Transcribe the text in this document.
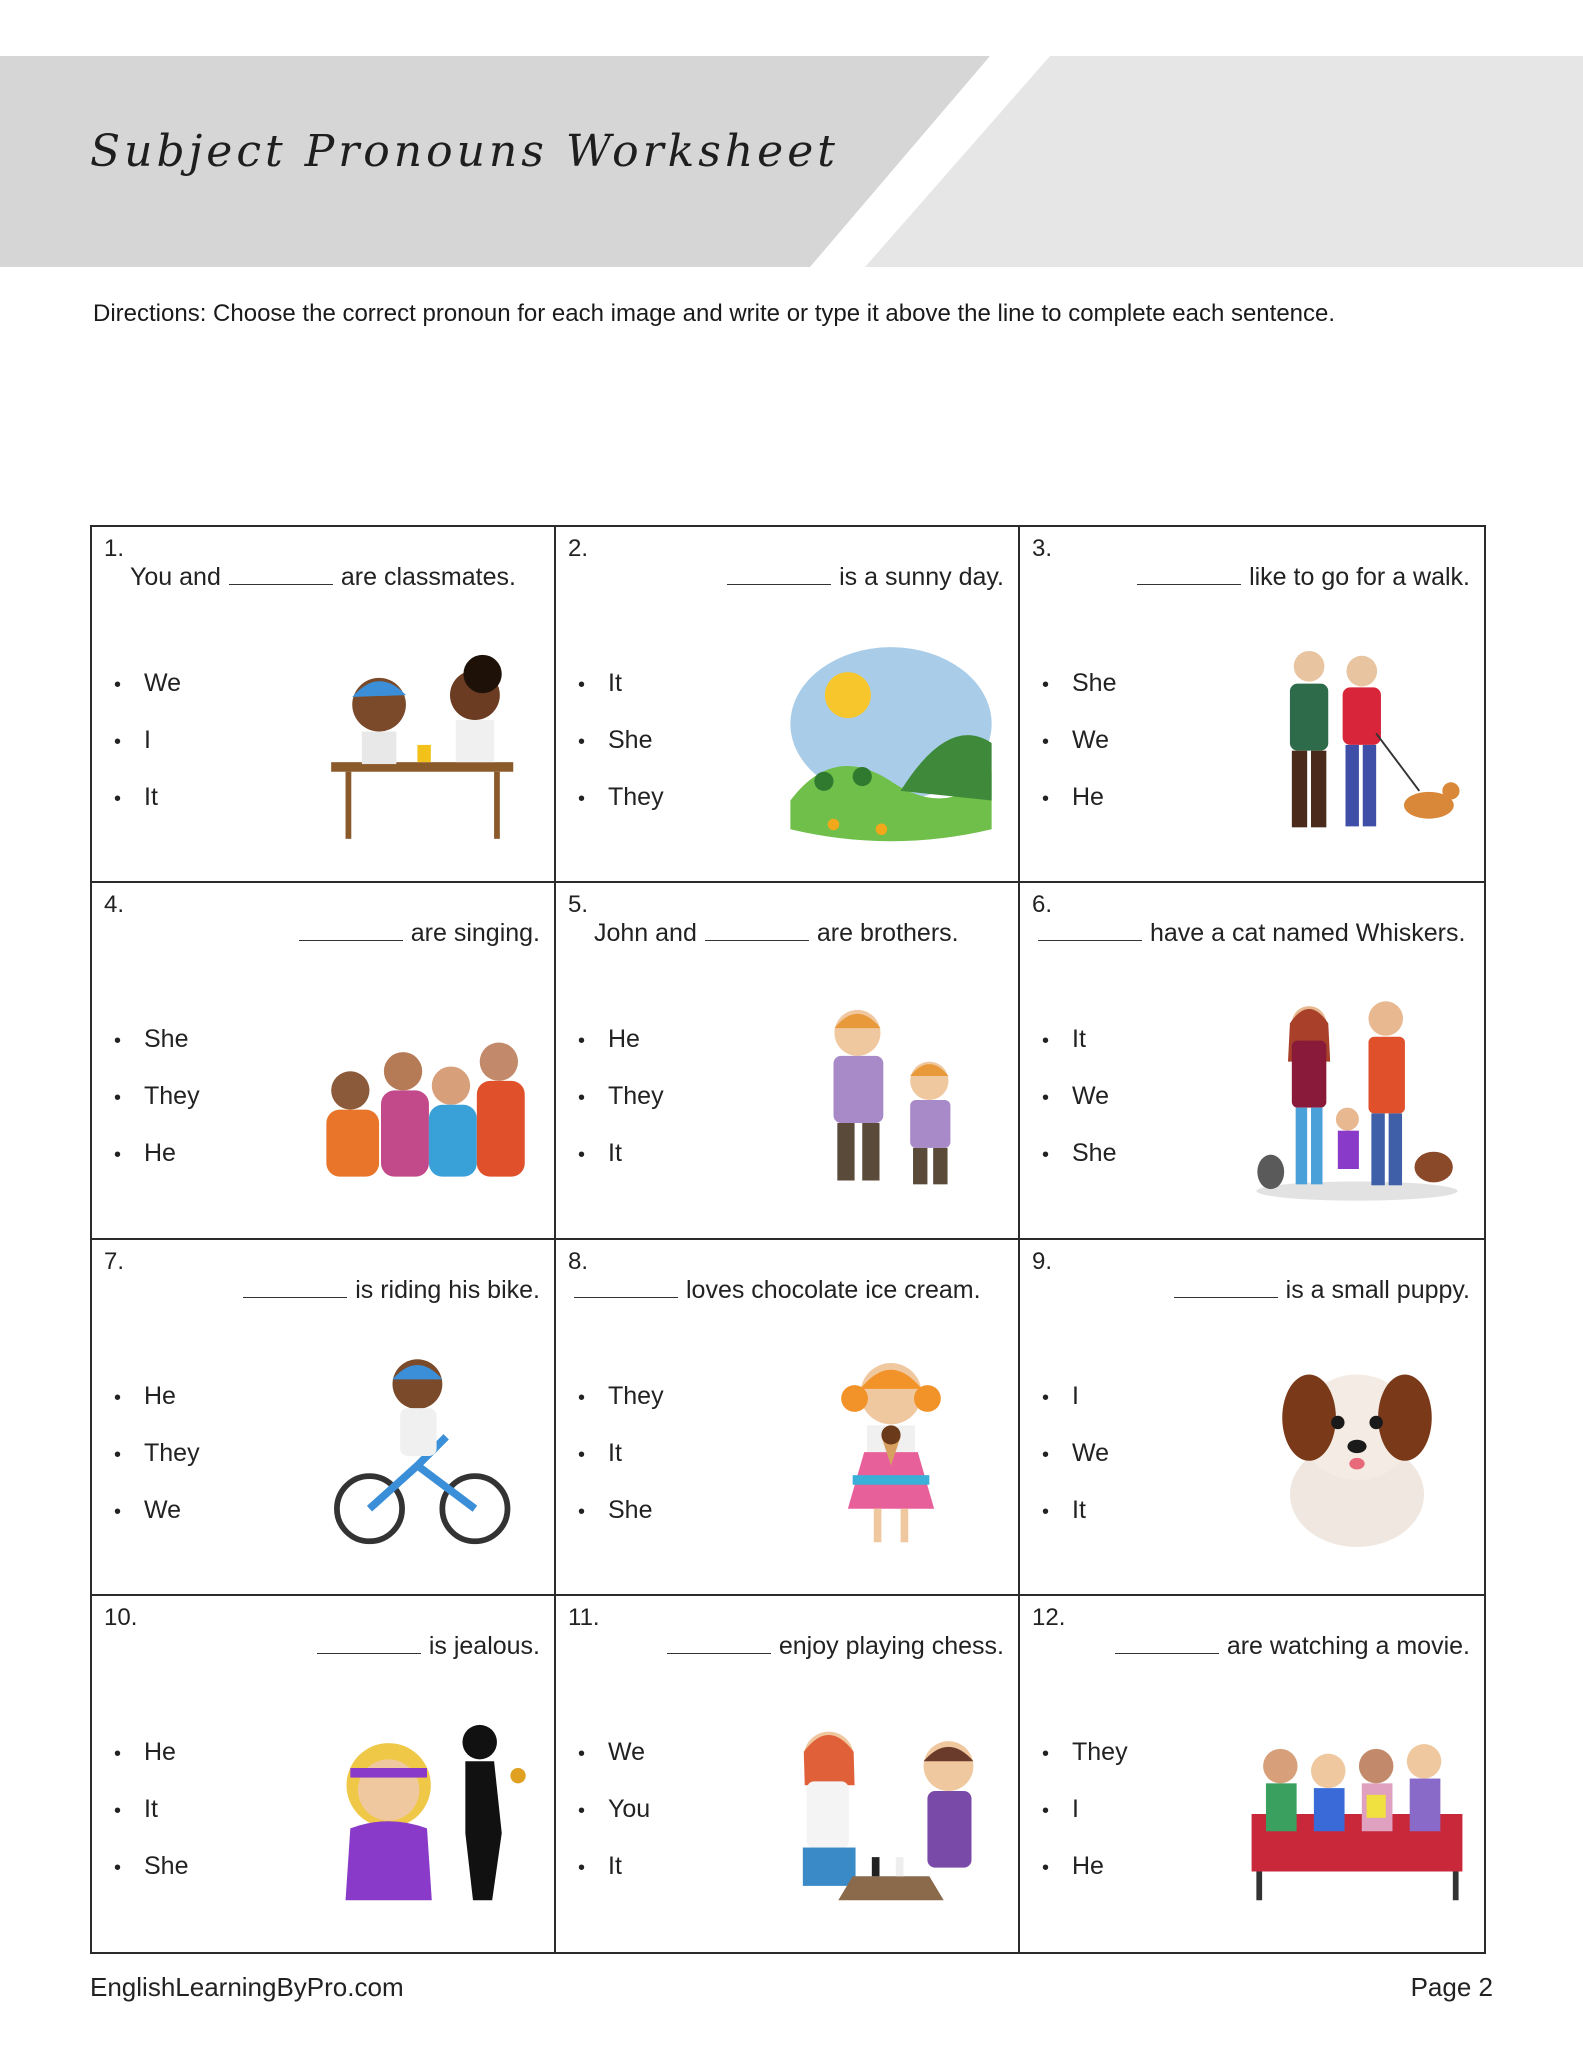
Subject Pronouns Worksheet

Directions: Choose the correct pronoun for each image and write or type it above the line to complete each sentence.

1.

You and	are classmates.

• We
• I
• It
2.

is a sunny day.

• It
• She
• They
3.

like to go for a walk.

• She
• We
• He
4.

are singing.

• She
• They
• He
5.

John and	are brothers.

• He
• They
• It
6.

have a cat named Whiskers.

• It
• We
• She
7.

is riding his bike.

• He
• They
• We
8.

loves chocolate ice cream.

• They
• It
• She
9.

is a small puppy.

• I
• We
• It
10.

is jealous.

• He
• It
• She
11.

enjoy playing chess.

• We
• You
• It
12.

are watching a movie.

• They
• I
• He
EnglishLearningByPro.com	Page 2
